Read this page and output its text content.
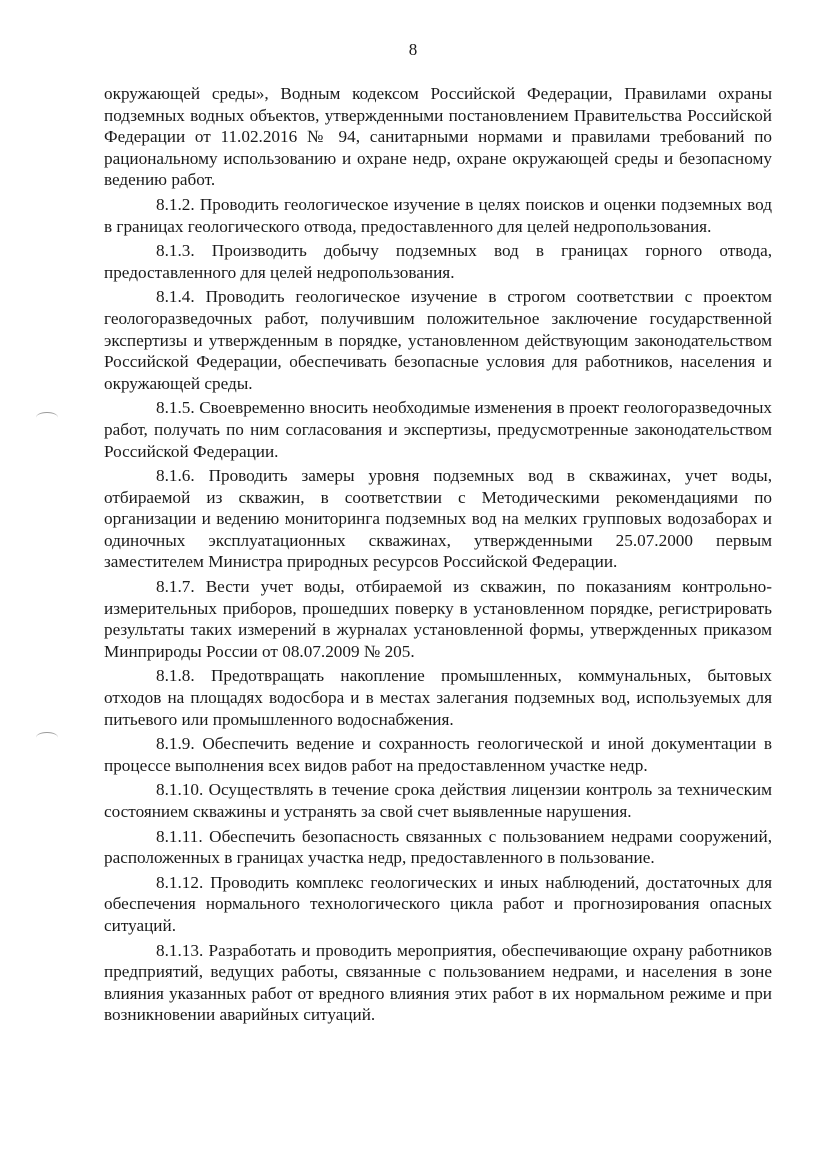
8

окружающей среды», Водным кодексом Российской Федерации, Правилами охраны подземных водных объектов, утвержденными постановлением Правительства Российской Федерации от 11.02.2016 № 94, санитарными нормами и правилами требований по рациональному использованию и охране недр, охране окружающей среды и безопасному ведению работ.

8.1.2. Проводить геологическое изучение в целях поисков и оценки подземных вод в границах геологического отвода, предоставленного для целей недропользования.

8.1.3. Производить добычу подземных вод в границах горного отвода, предоставленного для целей недропользования.

8.1.4. Проводить геологическое изучение в строгом соответствии с проектом геологоразведочных работ, получившим положительное заключение государственной экспертизы и утвержденным в порядке, установленном действующим законодательством Российской Федерации, обеспечивать безопасные условия для работников, населения и окружающей среды.

8.1.5. Своевременно вносить необходимые изменения в проект геологоразведочных работ, получать по ним согласования и экспертизы, предусмотренные законодательством Российской Федерации.

8.1.6. Проводить замеры уровня подземных вод в скважинах, учет воды, отбираемой из скважин, в соответствии с Методическими рекомендациями по организации и ведению мониторинга подземных вод на мелких групповых водозаборах и одиночных эксплуатационных скважинах, утвержденными 25.07.2000 первым заместителем Министра природных ресурсов Российской Федерации.

8.1.7. Вести учет воды, отбираемой из скважин, по показаниям контрольно-измерительных приборов, прошедших поверку в установленном порядке, регистрировать результаты таких измерений в журналах установленной формы, утвержденных приказом Минприроды России от 08.07.2009 № 205.

8.1.8. Предотвращать накопление промышленных, коммунальных, бытовых отходов на площадях водосбора и в местах залегания подземных вод, используемых для питьевого или промышленного водоснабжения.

8.1.9. Обеспечить ведение и сохранность геологической и иной документации в процессе выполнения всех видов работ на предоставленном участке недр.

8.1.10. Осуществлять в течение срока действия лицензии контроль за техническим состоянием скважины и устранять за свой счет выявленные нарушения.

8.1.11. Обеспечить безопасность связанных с пользованием недрами сооружений, расположенных в границах участка недр, предоставленного в пользование.

8.1.12. Проводить комплекс геологических и иных наблюдений, достаточных для обеспечения нормального технологического цикла работ и прогнозирования опасных ситуаций.

8.1.13. Разработать и проводить мероприятия, обеспечивающие охрану работников предприятий, ведущих работы, связанные с пользованием недрами, и населения в зоне влияния указанных работ от вредного влияния этих работ в их нормальном режиме и при возникновении аварийных ситуаций.
